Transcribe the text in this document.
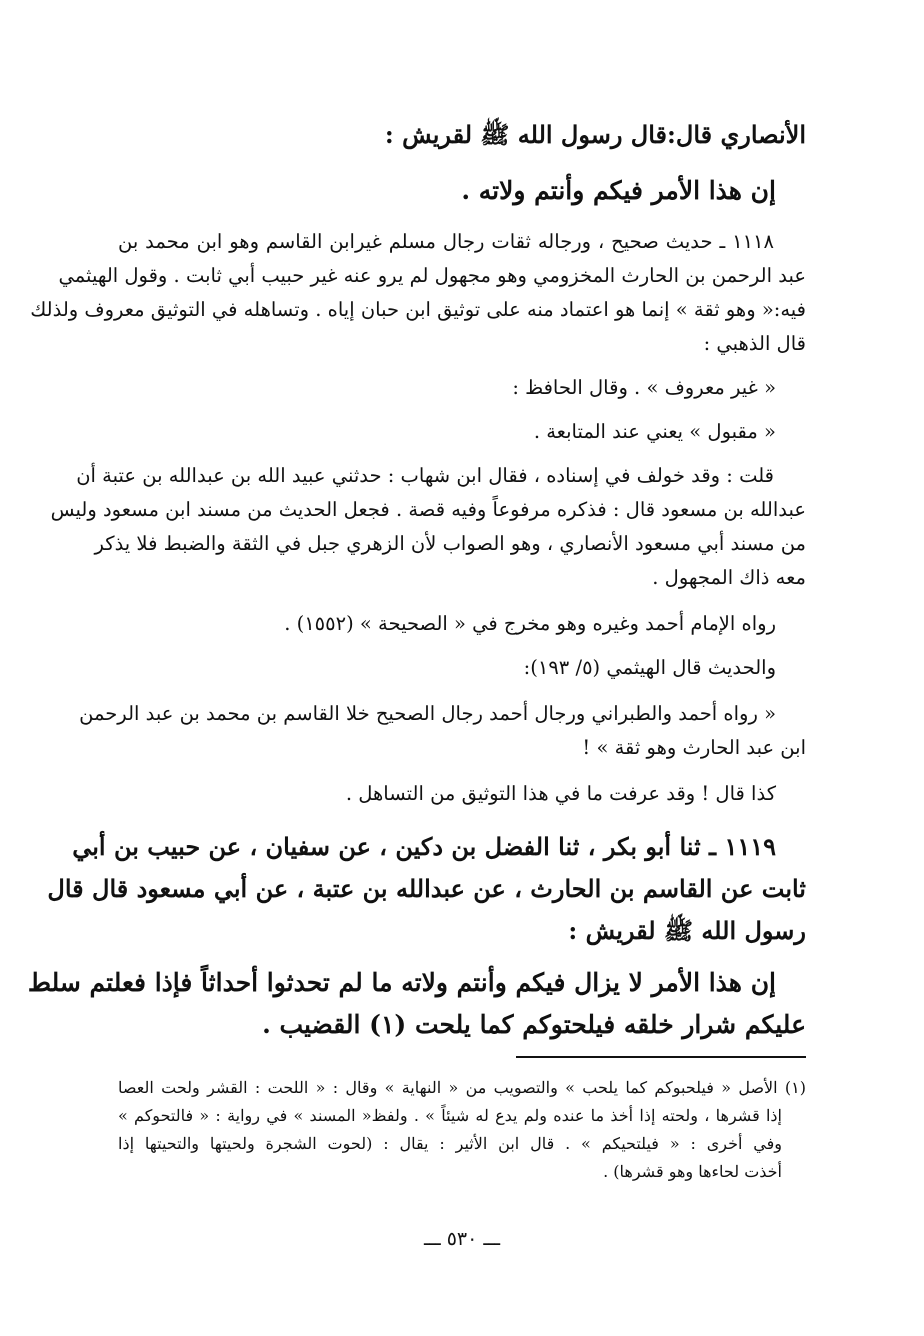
الأنصاري قال:قال رسول الله ﷺ لقريش :
إن هذا الأمر فيكم وأنتم ولاته .
١١١٨ ـ حديث صحيح ، ورجاله ثقات رجال مسلم غيرابن القاسم وهو ابن محمد بن
عبد الرحمن بن الحارث المخزومي وهو مجهول لم يرو عنه غير حبيب أبي ثابت . وقول الهيثمي
فيه:« وهو ثقة » إنما هو اعتماد منه على توثيق ابن حبان إياه . وتساهله في التوثيق معروف ولذلك
قال الذهبي :
« غير معروف » . وقال الحافظ :
« مقبول » يعني عند المتابعة .
قلت : وقد خولف في إسناده ، فقال ابن شهاب : حدثني عبيد الله بن عبدالله بن عتبة أن
عبدالله بن مسعود قال : فذكره مرفوعاً وفيه قصة . فجعل الحديث من مسند ابن مسعود وليس
من مسند أبي مسعود الأنصاري ، وهو الصواب لأن الزهري جبل في الثقة والضبط فلا يذكر
معه ذاك المجهول .
رواه الإمام أحمد وغيره وهو مخرج في « الصحيحة » (١٥٥٢) .
والحديث قال الهيثمي (٥/ ١٩٣):
« رواه أحمد والطبراني ورجال أحمد رجال الصحيح خلا القاسم بن محمد بن عبد الرحمن
ابن عبد الحارث وهو ثقة » !
كذا قال ! وقد عرفت ما في هذا التوثيق من التساهل .
١١١٩ ـ ثنا أبو بكر ، ثنا الفضل بن دكين ، عن سفيان ، عن حبيب بن أبي
ثابت عن القاسم بن الحارث ، عن عبدالله بن عتبة ، عن أبي مسعود قال قال
رسول الله ﷺ لقريش :
إن هذا الأمر لا يزال فيكم وأنتم ولاته ما لم تحدثوا أحداثاً فإذا فعلتم سلط
عليكم شرار خلقه فيلحتوكم كما يلحت (١) القضيب .
(١) الأصل « فيلحبوكم كما يلحب » والتصويب من « النهاية » وقال : « اللحت : القشر ولحت العصا
إذا قشرها ، ولحته إذا أخذ ما عنده ولم يدع له شيئاً » . ولفظ« المسند » في رواية : « فالتحوكم »
وفي أخرى : « فيلتحيكم » . قال ابن الأثير : يقال : (لحوت الشجرة ولحيتها والتحيتها إذا
أخذت لحاءها وهو قشرها) .
ـــ ٥٣٠ ـــ
